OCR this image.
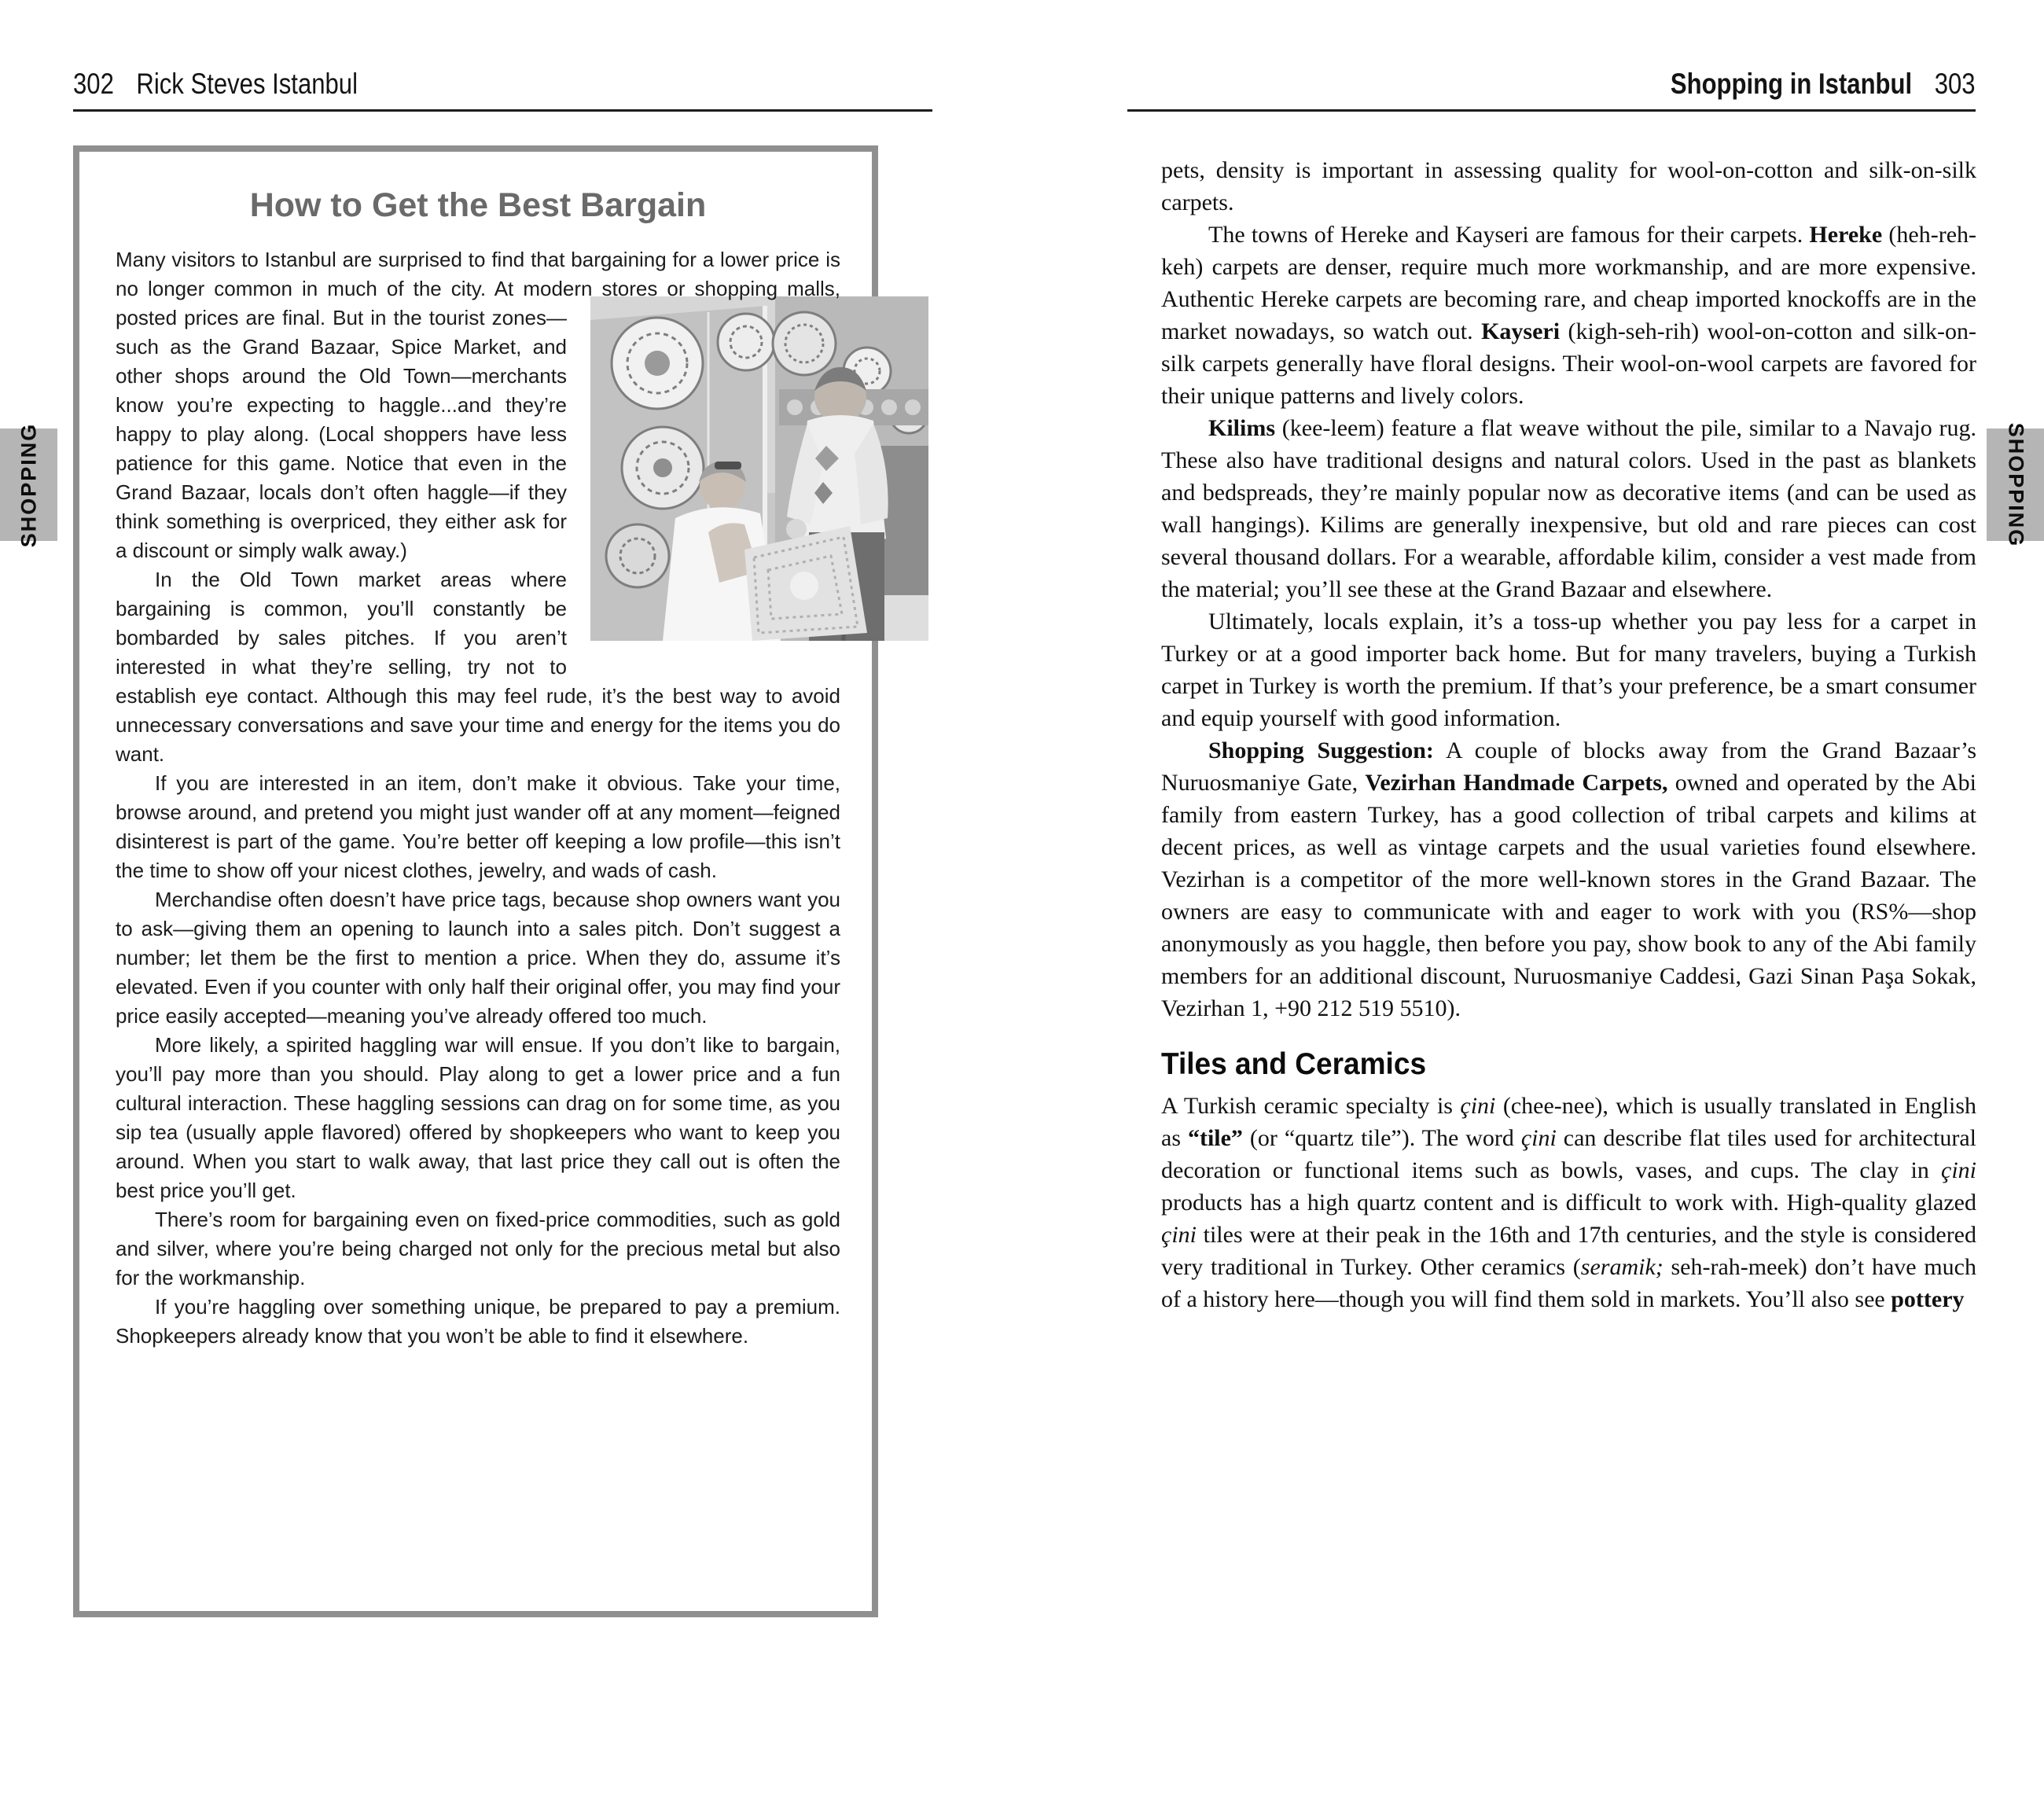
302 Rick Steves Istanbul	Shopping in Istanbul 303
SHOPPING	SHOPPING
How to Get the Best Bargain

Many visitors to Istanbul are surprised to find that bargaining for a lower price is no longer common in much of the city. At
modern stores or shopping malls, posted prices are final. But in the tourist zones—such as the Grand Bazaar, Spice Market, and other shops around the Old Town—merchants know you’re expecting to haggle...and they’re happy to play along. (Local shoppers have less patience for this game. Notice that even in the Grand Bazaar, locals don’t often haggle—if they think something is overpriced, they either ask for a discount or simply walk away.)

In the Old Town market areas where bargaining is common, you’ll constantly be bombarded by sales pitches. If you aren’t interested in what they’re selling, try not to establish eye contact. Although this may feel rude, it’s the best way to avoid unnecessary conversations and save your time and energy for the items you do want.

If you are interested in an item, don’t make it obvious. Take your time, browse around, and pretend you might just wander off at any moment—feigned disinterest is part of the game. You’re better off keeping a low profile—this isn’t the time to show off your nicest clothes, jewelry, and wads of cash.

Merchandise often doesn’t have price tags, because shop owners want you to ask—giving them an opening to launch into a sales pitch. Don’t suggest a number; let them be the first to mention a price. When they do, assume it’s elevated. Even if you counter with only half their original offer, you may find your price easily accepted—meaning you’ve already offered too much.

More likely, a spirited haggling war will ensue. If you don’t like to bargain, you’ll pay more than you should. Play along to get a lower price and a fun cultural interaction. These haggling sessions can drag on for some time, as you sip tea (usually apple flavored) offered by shopkeepers who want to keep you around. When you start to walk away, that last price they call out is often the best price you’ll get.

There’s room for bargaining even on fixed-price commodities, such as gold and silver, where you’re being charged not only for the precious metal but also for the workmanship.

If you’re haggling over something unique, be prepared to pay a premium. Shopkeepers already know that you won’t be able to find it elsewhere.

pets, density is important in assessing quality for wool-on-cotton and silk-on-silk carpets.

The towns of Hereke and Kayseri are famous for their carpets. Hereke (heh-reh-keh) carpets are denser, require much more workmanship, and are more expensive. Authentic Hereke carpets are becoming rare, and cheap imported knockoffs are in the market nowadays, so watch out. Kayseri (kigh-seh-rih) wool-on-cotton and silk-on-silk carpets generally have floral designs. Their wool-on-wool carpets are favored for their unique patterns and lively colors.

Kilims (kee-leem) feature a flat weave without the pile, similar to a Navajo rug. These also have traditional designs and natural colors. Used in the past as blankets and bedspreads, they’re mainly popular now as decorative items (and can be used as wall hangings). Kilims are generally inexpensive, but old and rare pieces can cost several thousand dollars. For a wearable, affordable kilim, consider a vest made from the material; you’ll see these at the Grand Bazaar and elsewhere.

Ultimately, locals explain, it’s a toss-up whether you pay less for a carpet in Turkey or at a good importer back home. But for many travelers, buying a Turkish carpet in Turkey is worth the premium. If that’s your preference, be a smart consumer and equip yourself with good information.

Shopping Suggestion: A couple of blocks away from the Grand Bazaar’s Nuruosmaniye Gate, Vezirhan Handmade Carpets, owned and operated by the Abi family from eastern Turkey, has a good collection of tribal carpets and kilims at decent prices, as well as vintage carpets and the usual varieties found elsewhere. Vezirhan is a competitor of the more well-known stores in the Grand Bazaar. The owners are easy to communicate with and eager to work with you (RS%—shop anonymously as you haggle, then before you pay, show book to any of the Abi family members for an additional discount, Nuruosmaniye Caddesi, Gazi Sinan Paşa Sokak, Vezirhan 1, +90 212 519 5510).

Tiles and Ceramics

A Turkish ceramic specialty is çini (chee-nee), which is usually translated in English as “tile” (or “quartz tile”). The word çini can describe flat tiles used for architectural decoration or functional items such as bowls, vases, and cups. The clay in çini products has a high quartz content and is difficult to work with. High-quality glazed çini tiles were at their peak in the 16th and 17th centuries, and the style is considered very traditional in Turkey. Other ceramics (seramik; seh-rah-meek) don’t have much of a history here—though you will find them sold in markets. You’ll also see pottery
